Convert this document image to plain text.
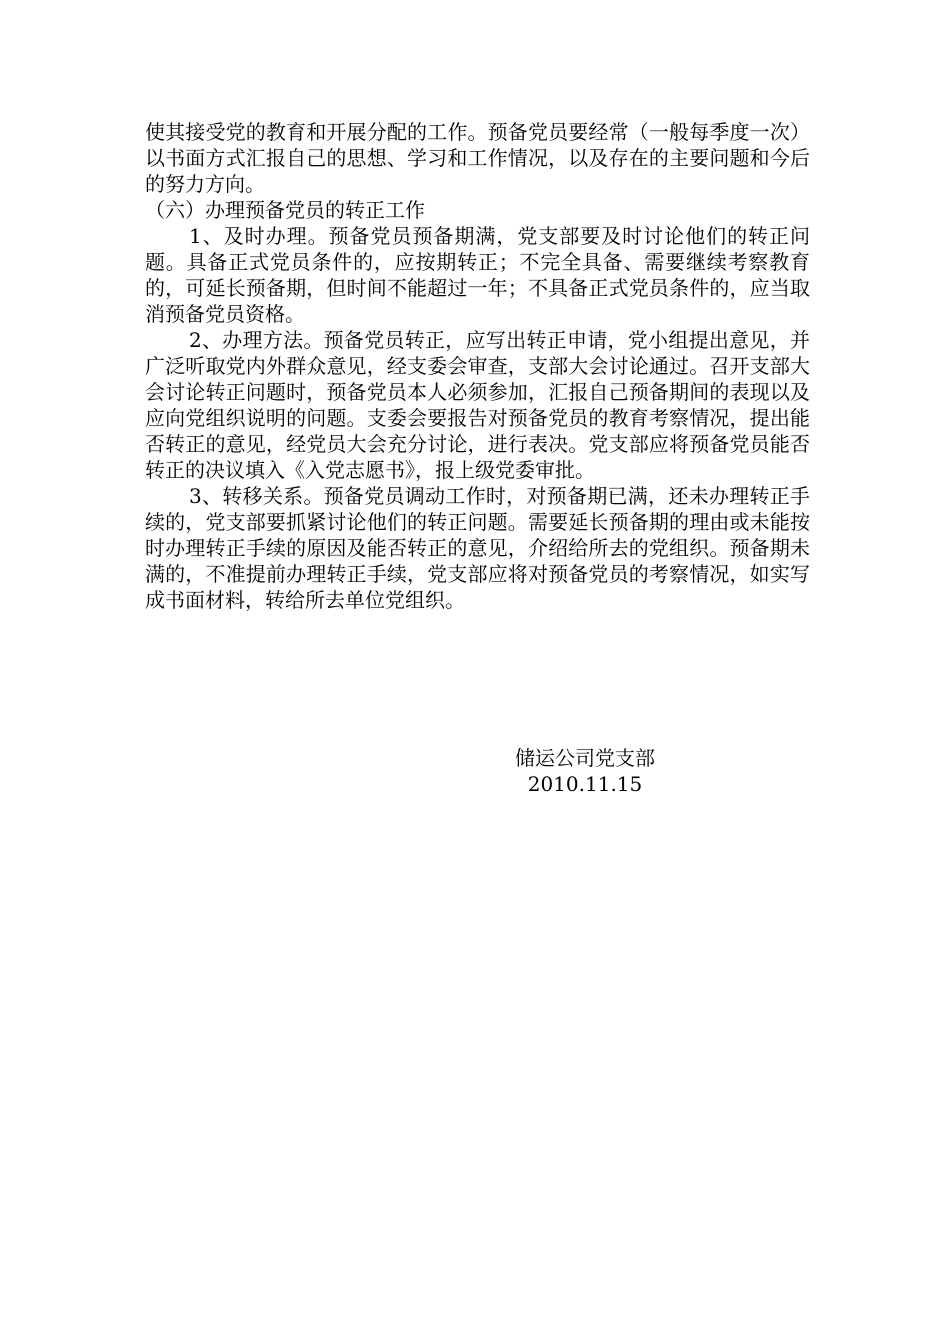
使其接受党的教育和开展分配的工作。预备党员要经常（一般每季度一次）以书面方式汇报自己的思想、学习和工作情况，以及存在的主要问题和今后的努力方向。

（六）办理预备党员的转正工作

1、及时办理。预备党员预备期满，党支部要及时讨论他们的转正问题。具备正式党员条件的，应按期转正；不完全具备、需要继续考察教育的，可延长预备期，但时间不能超过一年；不具备正式党员条件的，应当取消预备党员资格。

2、办理方法。预备党员转正，应写出转正申请，党小组提出意见，并广泛听取党内外群众意见，经支委会审查，支部大会讨论通过。召开支部大会讨论转正问题时，预备党员本人必须参加，汇报自己预备期间的表现以及应向党组织说明的问题。支委会要报告对预备党员的教育考察情况，提出能否转正的意见，经党员大会充分讨论，进行表决。党支部应将预备党员能否转正的决议填入《入党志愿书》，报上级党委审批。

3、转移关系。预备党员调动工作时，对预备期已满，还未办理转正手续的，党支部要抓紧讨论他们的转正问题。需要延长预备期的理由或未能按时办理转正手续的原因及能否转正的意见，介绍给所去的党组织。预备期未满的，不准提前办理转正手续，党支部应将对预备党员的考察情况，如实写成书面材料，转给所去单位党组织。

储运公司党支部
2010.11.15
